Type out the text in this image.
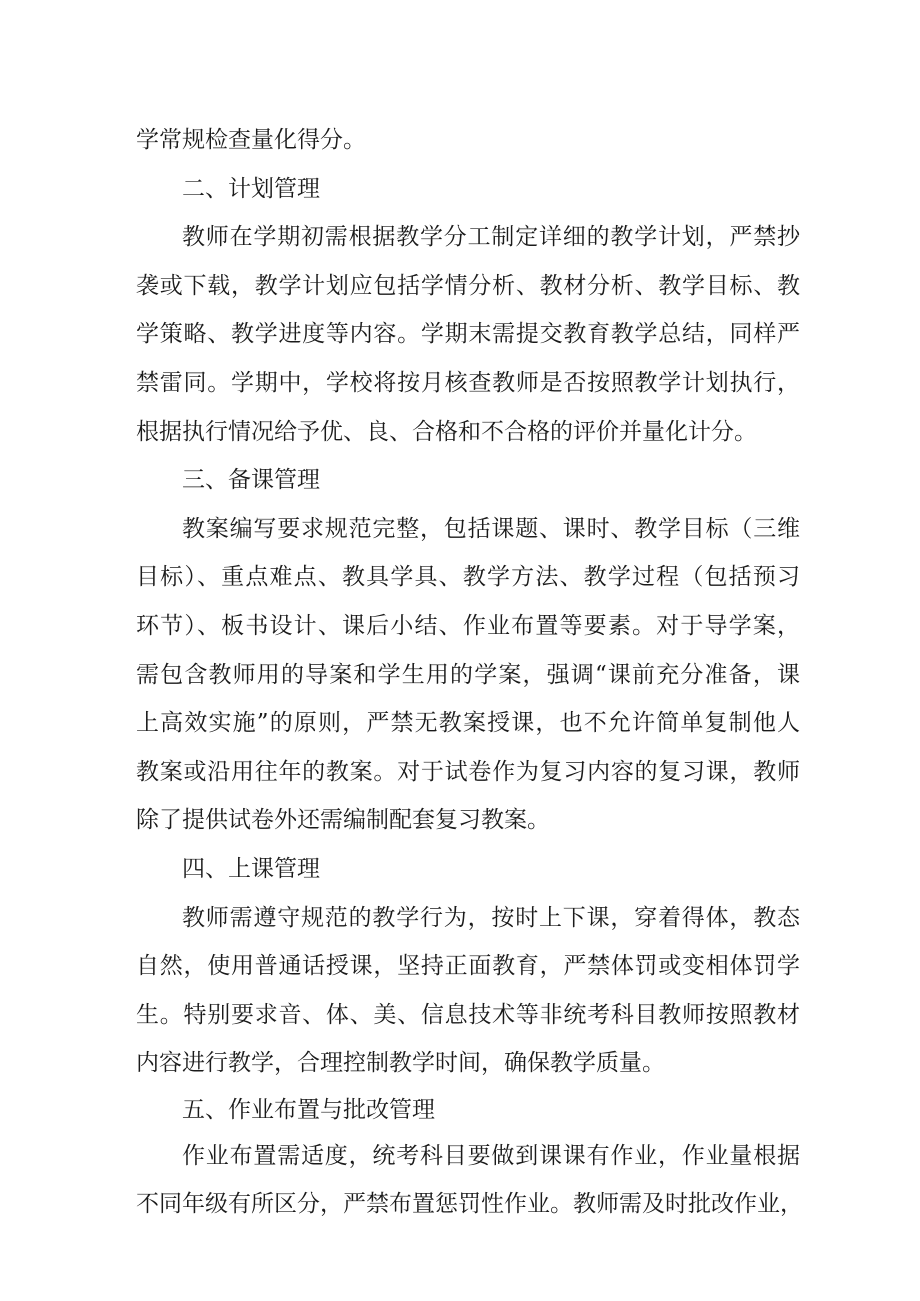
学常规检查量化得分。
二、计划管理
教师在学期初需根据教学分工制定详细的教学计划，严禁抄
袭或下载，教学计划应包括学情分析、教材分析、教学目标、教
学策略、教学进度等内容。学期末需提交教育教学总结，同样严
禁雷同。学期中，学校将按月核查教师是否按照教学计划执行，
根据执行情况给予优、良、合格和不合格的评价并量化计分。
三、备课管理
教案编写要求规范完整，包括课题、课时、教学目标（三维
目标）、重点难点、教具学具、教学方法、教学过程（包括预习
环节）、板书设计、课后小结、作业布置等要素。对于导学案，
需包含教师用的导案和学生用的学案，强调“课前充分准备，课
上高效实施”的原则，严禁无教案授课，也不允许简单复制他人
教案或沿用往年的教案。对于试卷作为复习内容的复习课，教师
除了提供试卷外还需编制配套复习教案。
四、上课管理
教师需遵守规范的教学行为，按时上下课，穿着得体，教态
自然，使用普通话授课，坚持正面教育，严禁体罚或变相体罚学
生。特别要求音、体、美、信息技术等非统考科目教师按照教材
内容进行教学，合理控制教学时间，确保教学质量。
五、作业布置与批改管理
作业布置需适度，统考科目要做到课课有作业，作业量根据
不同年级有所区分，严禁布置惩罚性作业。教师需及时批改作业，
